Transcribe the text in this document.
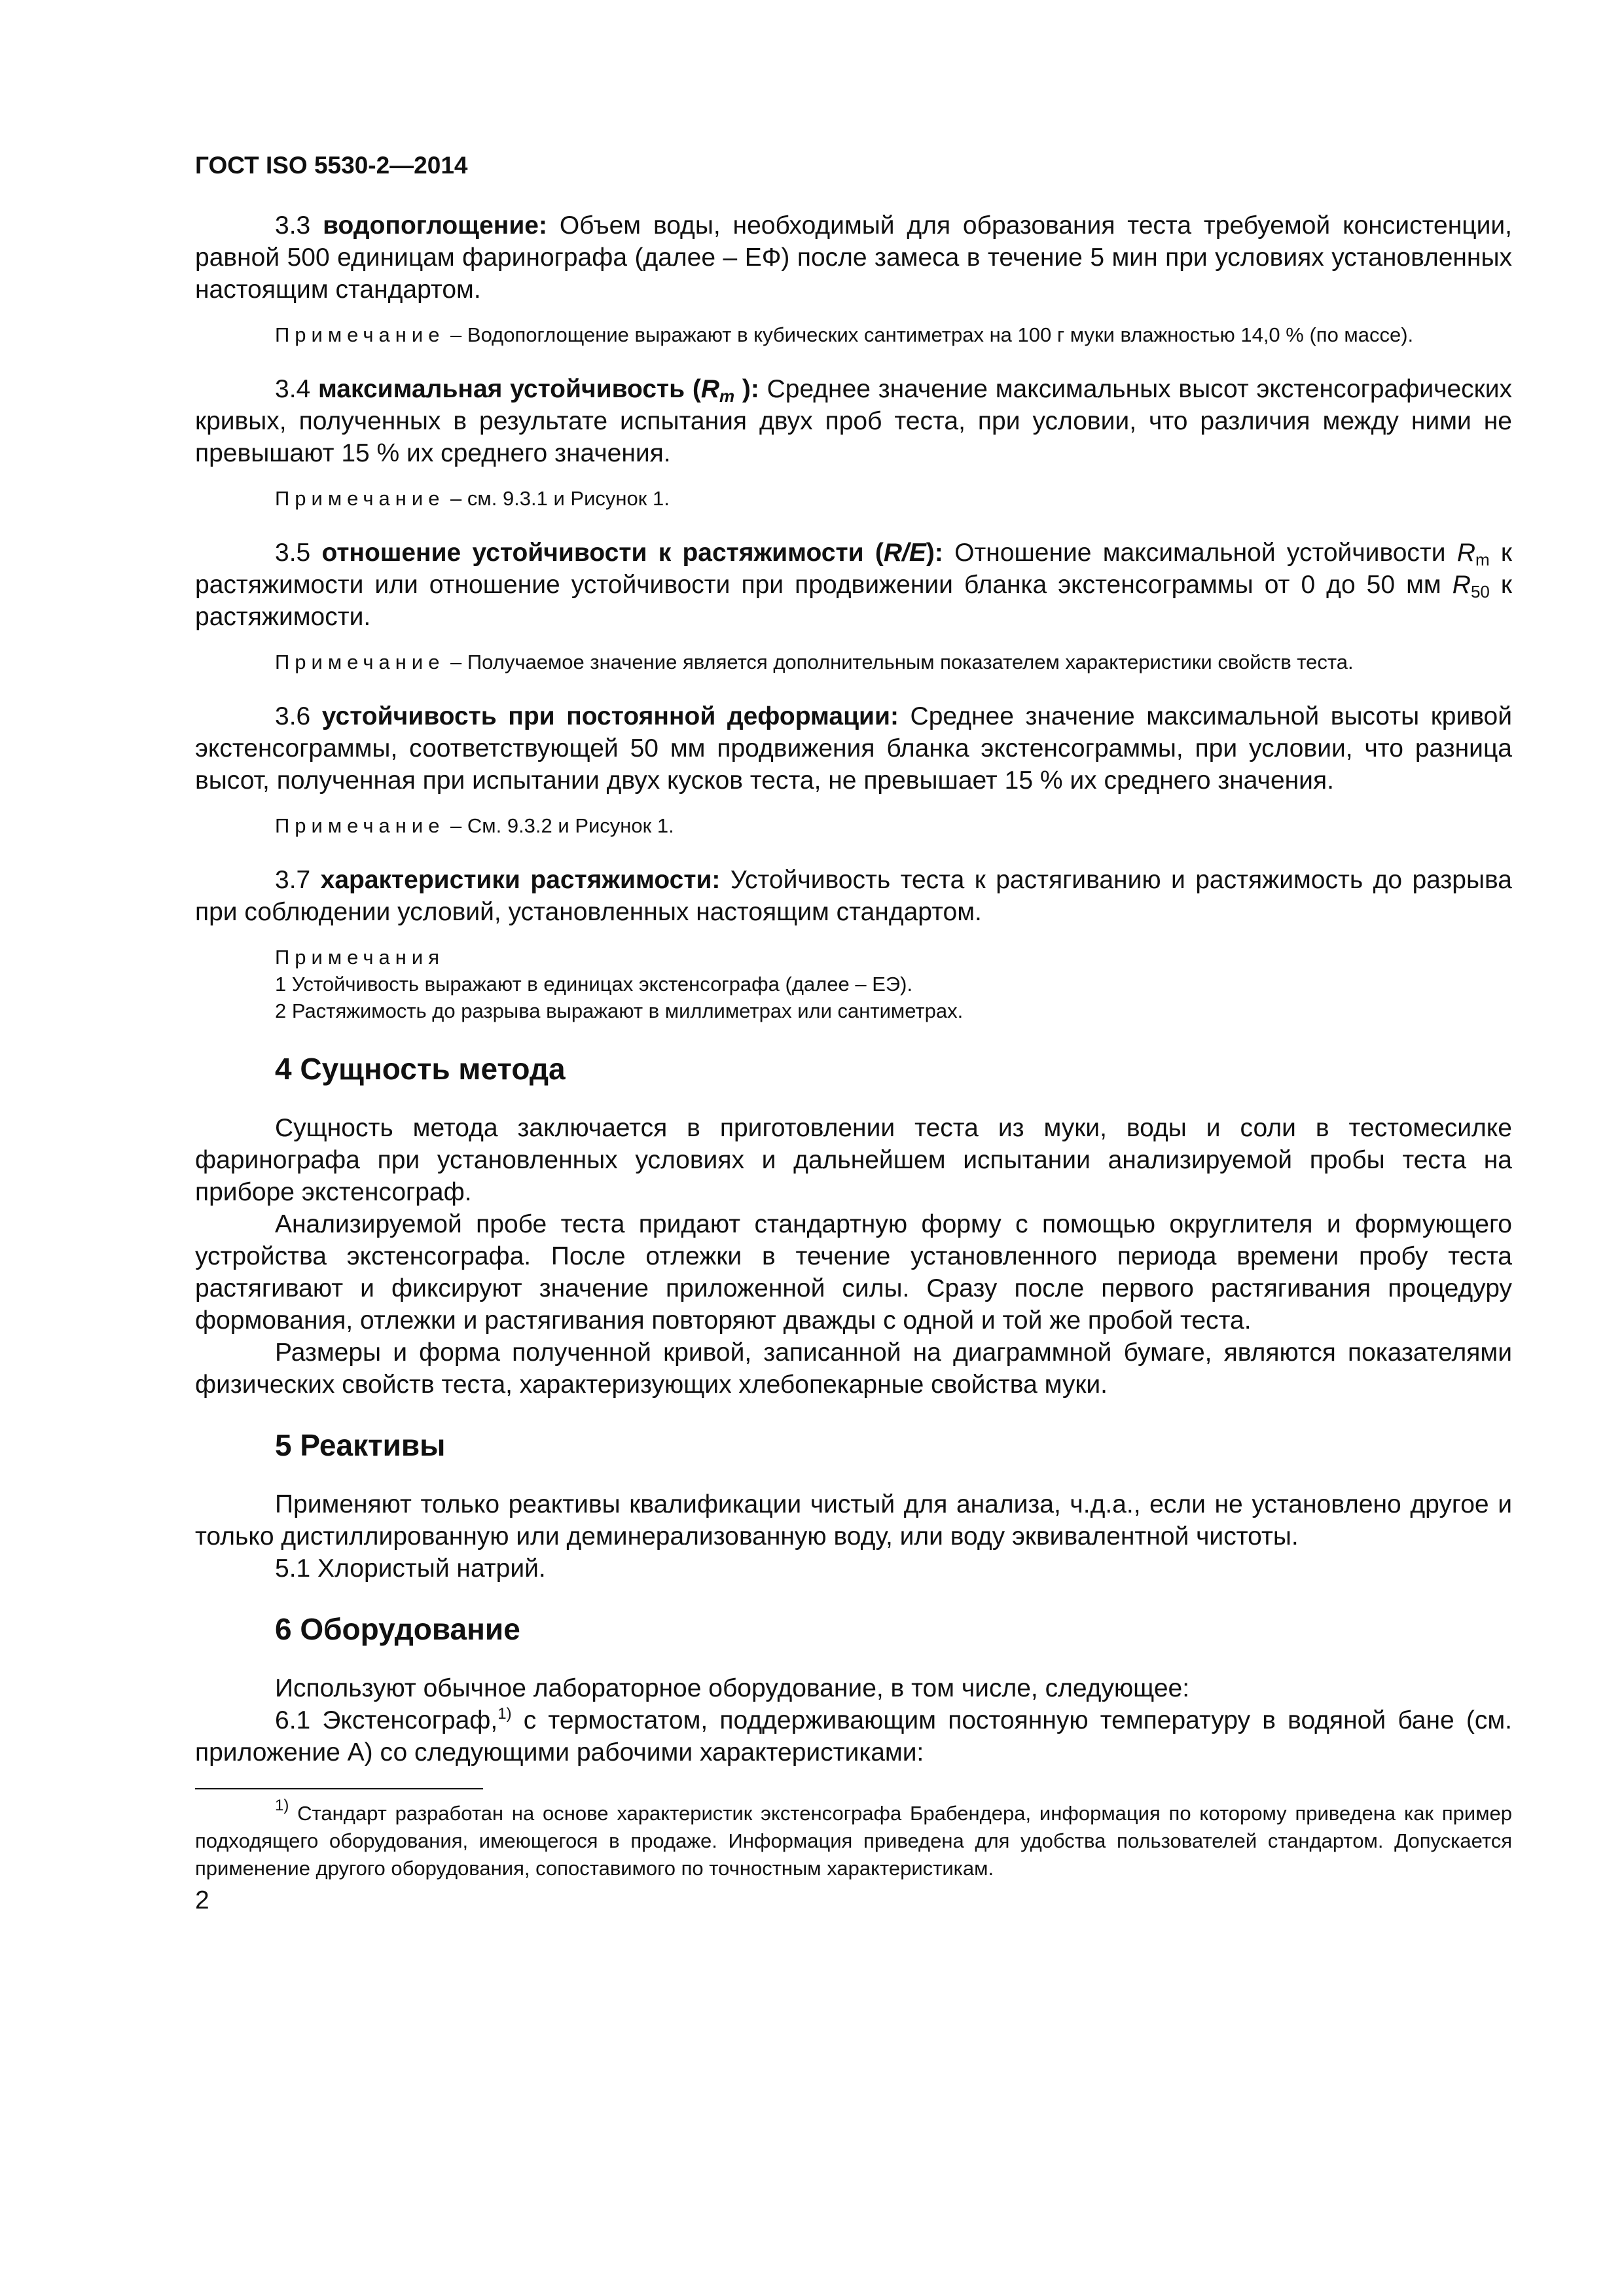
ГОСТ ISO 5530-2—2014

3.3 водопоглощение: Объем воды, необходимый для образования теста требуемой консистенции, равной 500 единицам фаринографа (далее – ЕФ) после замеса в течение 5 мин при условиях установленных настоящим стандартом.

Примечание – Водопоглощение выражают в кубических сантиметрах на 100 г муки влажностью 14,0 % (по массе).

3.4 максимальная устойчивость ($R_m$ ): Среднее значение максимальных высот экстенсографических кривых, полученных в результате испытания двух проб теста, при условии, что различия между ними не превышают 15 % их среднего значения.

Примечание – см. 9.3.1 и Рисунок 1.

3.5 отношение устойчивости к растяжимости (R/E): Отношение максимальной устойчивости $R_m$ к растяжимости или отношение устойчивости при продвижении бланка экстенсограммы от 0 до 50 мм $R_{50}$ к растяжимости.

Примечание – Получаемое значение является дополнительным показателем характеристики свойств теста.

3.6 устойчивость при постоянной деформации: Среднее значение максимальной высоты кривой экстенсограммы, соответствующей 50 мм продвижения бланка экстенсограммы, при условии, что разница высот, полученная при испытании двух кусков теста, не превышает 15 % их среднего значения.

Примечание – См. 9.3.2 и Рисунок 1.

3.7 характеристики растяжимости: Устойчивость теста к растягиванию и растяжимость до разрыва при соблюдении условий, установленных настоящим стандартом.

Примечания
1 Устойчивость выражают в единицах экстенсографа (далее – ЕЭ).
2 Растяжимость до разрыва выражают в миллиметрах или сантиметрах.
4 Сущность метода

Сущность метода заключается в приготовлении теста из муки, воды и соли в тестомесилке фаринографа при установленных условиях и дальнейшем испытании анализируемой пробы теста на приборе экстенсограф.

Анализируемой пробе теста придают стандартную форму с помощью округлителя и формующего устройства экстенсографа. После отлежки в течение установленного периода времени пробу теста растягивают и фиксируют значение приложенной силы. Сразу после первого растягивания процедуру формования, отлежки и растягивания повторяют дважды с одной и той же пробой теста.

Размеры и форма полученной кривой, записанной на диаграммной бумаге, являются показателями физических свойств теста, характеризующих хлебопекарные свойства муки.

5 Реактивы

Применяют только реактивы квалификации чистый для анализа, ч.д.а., если не установлено другое и только дистиллированную или деминерализованную воду, или воду эквивалентной чистоты.

5.1 Хлористый натрий.

6 Оборудование

Используют обычное лабораторное оборудование, в том числе, следующее:

6.1 Экстенсограф,$^{1)}$ с термостатом, поддерживающим постоянную температуру в водяной бане (см. приложение А) со следующими рабочими характеристиками:

$^{1)}$ Стандарт разработан на основе характеристик экстенсографа Брабендера, информация по которому приведена как пример подходящего оборудования, имеющегося в продаже. Информация приведена для удобства пользователей стандартом. Допускается применение другого оборудования, сопоставимого по точностным характеристикам.

2
